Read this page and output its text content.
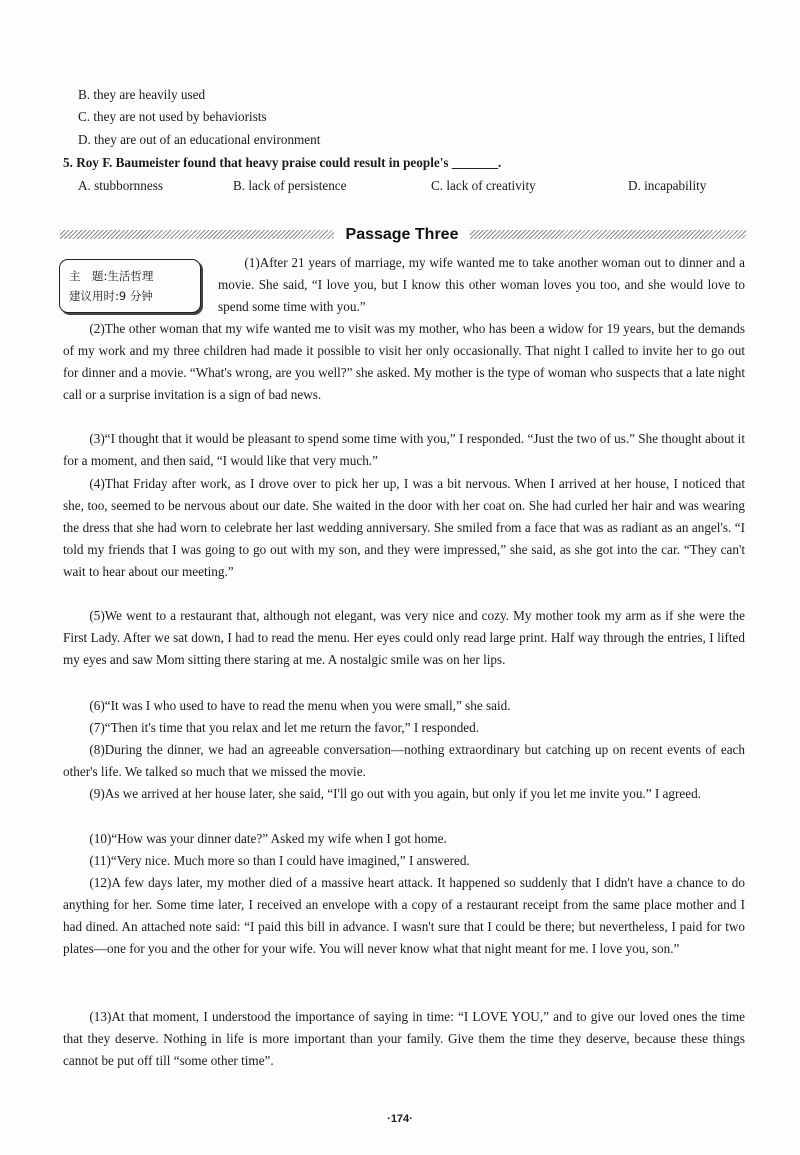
B. they are heavily used
C. they are not used by behaviorists
D. they are out of an educational environment
5. Roy F. Baumeister found that heavy praise could result in people's _______.
A. stubbornness	B. lack of persistence	C. lack of creativity	D. incapability
Passage Three
主　题:生活哲理
建议用时:9 分钟
(1)After 21 years of marriage, my wife wanted me to take another woman out to dinner and a movie. She said, “I love you, but I know this other woman loves you too, and she would love to spend some time with you.”
(2)The other woman that my wife wanted me to visit was my mother, who has been a widow for 19 years, but the demands of my work and my three children had made it possible to visit her only occasionally. That night I called to invite her to go out for dinner and a movie. “What's wrong, are you well?” she asked. My mother is the type of woman who suspects that a late night call or a surprise invitation is a sign of bad news.
(3)“I thought that it would be pleasant to spend some time with you,” I responded. “Just the two of us.” She thought about it for a moment, and then said, “I would like that very much.”
(4)That Friday after work, as I drove over to pick her up, I was a bit nervous. When I arrived at her house, I noticed that she, too, seemed to be nervous about our date. She waited in the door with her coat on. She had curled her hair and was wearing the dress that she had worn to celebrate her last wedding anniversary. She smiled from a face that was as radiant as an angel's. “I told my friends that I was going to go out with my son, and they were impressed,” she said, as she got into the car. “They can't wait to hear about our meeting.”
(5)We went to a restaurant that, although not elegant, was very nice and cozy. My mother took my arm as if she were the First Lady. After we sat down, I had to read the menu. Her eyes could only read large print. Half way through the entries, I lifted my eyes and saw Mom sitting there staring at me. A nostalgic smile was on her lips.
(6)“It was I who used to have to read the menu when you were small,” she said.
(7)“Then it's time that you relax and let me return the favor,” I responded.
(8)During the dinner, we had an agreeable conversation—nothing extraordinary but catching up on recent events of each other's life. We talked so much that we missed the movie.
(9)As we arrived at her house later, she said, “I'll go out with you again, but only if you let me invite you.” I agreed.
(10)“How was your dinner date?” Asked my wife when I got home.
(11)“Very nice. Much more so than I could have imagined,” I answered.
(12)A few days later, my mother died of a massive heart attack. It happened so suddenly that I didn't have a chance to do anything for her. Some time later, I received an envelope with a copy of a restaurant receipt from the same place mother and I had dined. An attached note said: “I paid this bill in advance. I wasn't sure that I could be there; but nevertheless, I paid for two plates—one for you and the other for your wife. You will never know what that night meant for me. I love you, son.”
(13)At that moment, I understood the importance of saying in time: “I LOVE YOU,” and to give our loved ones the time that they deserve. Nothing in life is more important than your family. Give them the time they deserve, because these things cannot be put off till “some other time”.
·174·
